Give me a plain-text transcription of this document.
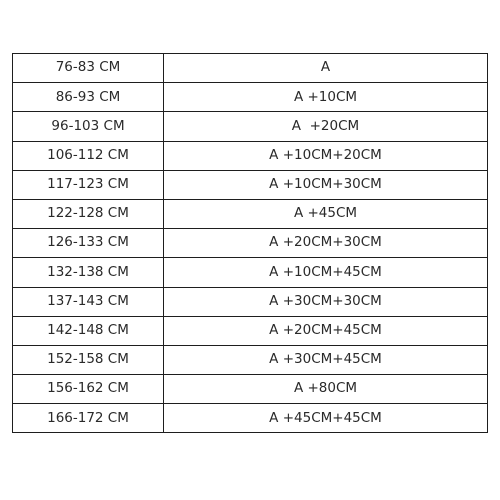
76-83 CM	A
86-93 CM	A +10CM
96-103 CM	A  +20CM
106-112 CM	A +10CM+20CM
117-123 CM	A +10CM+30CM
122-128 CM	A +45CM
126-133 CM	A +20CM+30CM
132-138 CM	A +10CM+45CM
137-143 CM	A +30CM+30CM
142-148 CM	A +20CM+45CM
152-158 CM	A +30CM+45CM
156-162 CM	A +80CM
166-172 CM	A +45CM+45CM
